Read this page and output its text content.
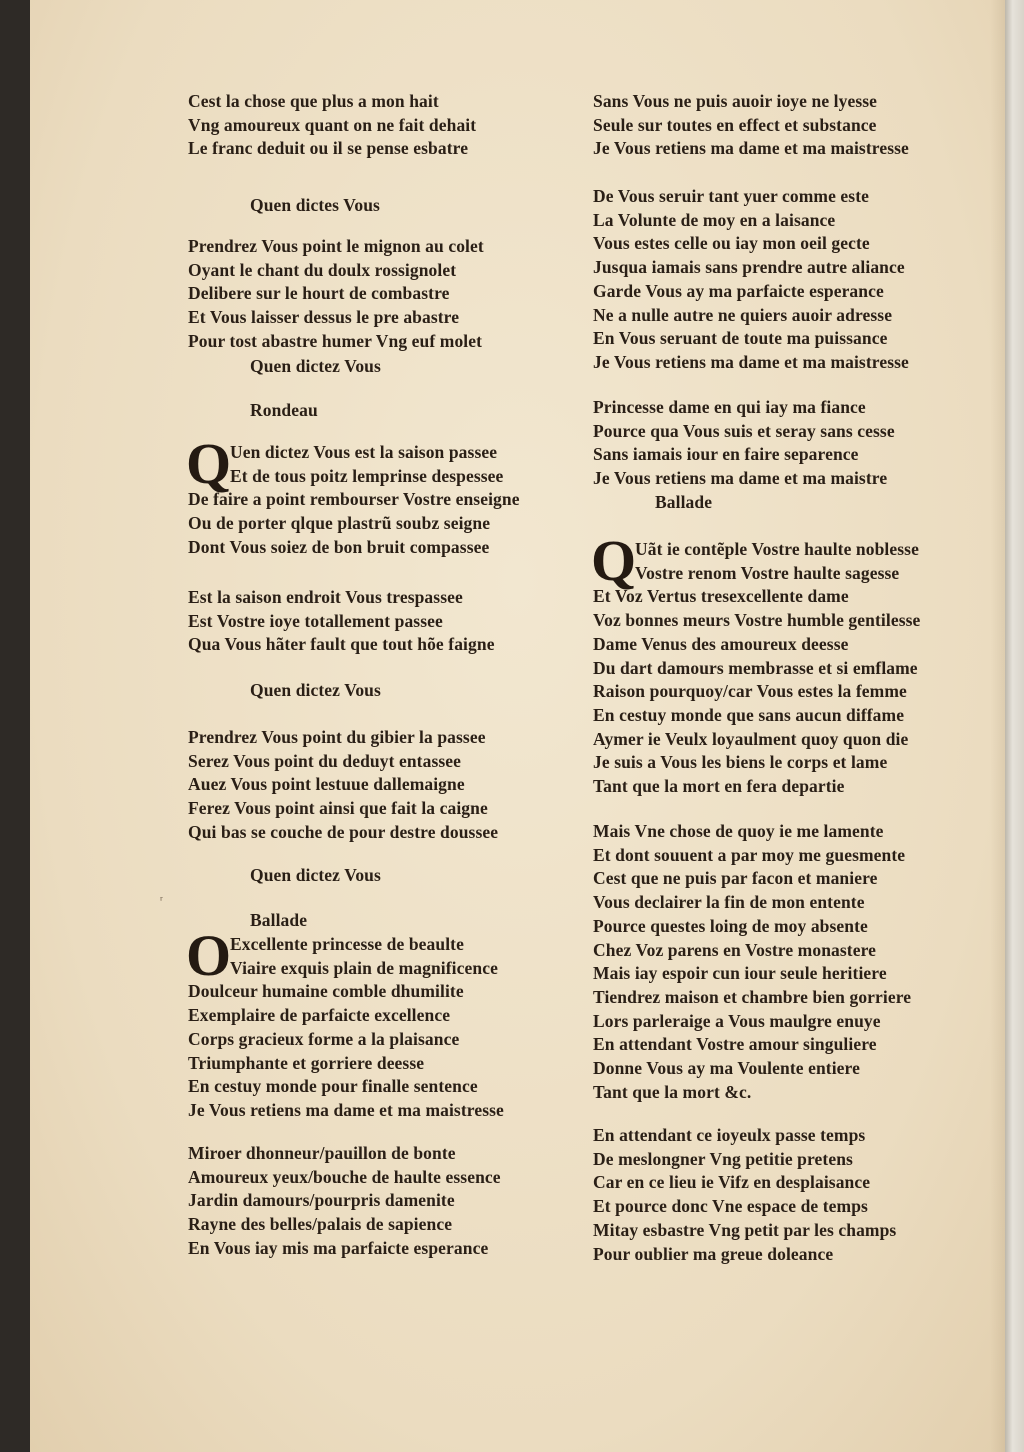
Cest la chose que plus a mon hait
Vng amoureux quant on ne fait dehait
Le franc deduit ou il se pense esbatre
Quen dictes Vous
Prendrez Vous point le mignon au colet
Oyant le chant du doulx rossignolet
Delibere sur le hourt de combastre
Et Vous laisser dessus le pre abastre
Pour tost abastre humer Vng euf molet
Quen dictez Vous
Rondeau
Q
Uen dictez Vous est la saison passee
Et de tous poitz lemprinse despessee
De faire a point rembourser Vostre enseigne
Ou de porter qlque plastrũ soubz seigne
Dont Vous soiez de bon bruit compassee
Est la saison endroit Vous trespassee
Est Vostre ioye totallement passee
Qua Vous hãter fault que tout hõe faigne
Quen dictez Vous
Prendrez Vous point du gibier la passee
Serez Vous point du deduyt entassee
Auez Vous point lestuue dallemaigne
Ferez Vous point ainsi que fait la caigne
Qui bas se couche de pour destre doussee
Quen dictez Vous
Ballade
O
Excellente princesse de beaulte
Viaire exquis plain de magnificence
Doulceur humaine comble dhumilite
Exemplaire de parfaicte excellence
Corps gracieux forme a la plaisance
Triumphante et gorriere deesse
En cestuy monde pour finalle sentence
Je Vous retiens ma dame et ma maistresse
Miroer dhonneur/pauillon de bonte
Amoureux yeux/bouche de haulte essence
Jardin damours/pourpris damenite
Rayne des belles/palais de sapience
En Vous iay mis ma parfaicte esperance
Sans Vous ne puis auoir ioye ne lyesse
Seule sur toutes en effect et substance
Je Vous retiens ma dame et ma maistresse
De Vous seruir tant yuer comme este
La Volunte de moy en a laisance
Vous estes celle ou iay mon oeil gecte
Jusqua iamais sans prendre autre aliance
Garde Vous ay ma parfaicte esperance
Ne a nulle autre ne quiers auoir adresse
En Vous seruant de toute ma puissance
Je Vous retiens ma dame et ma maistresse
Princesse dame en qui iay ma fiance
Pource qua Vous suis et seray sans cesse
Sans iamais iour en faire separence
Je Vous retiens ma dame et ma maistre
Ballade
Q
Uãt ie contẽple Vostre haulte noblesse
Vostre renom Vostre haulte sagesse
Et Voz Vertus tresexcellente dame
Voz bonnes meurs Vostre humble gentilesse
Dame Venus des amoureux deesse
Du dart damours membrasse et si emflame
Raison pourquoy/car Vous estes la femme
En cestuy monde que sans aucun diffame
Aymer ie Veulx loyaulment quoy quon die
Je suis a Vous les biens le corps et lame
Tant que la mort en fera departie
Mais Vne chose de quoy ie me lamente
Et dont souuent a par moy me guesmente
Cest que ne puis par facon et maniere
Vous declairer la fin de mon entente
Pource questes loing de moy absente
Chez Voz parens en Vostre monastere
Mais iay espoir cun iour seule heritiere
Tiendrez maison et chambre bien gorriere
Lors parleraige a Vous maulgre enuye
En attendant Vostre amour singuliere
Donne Vous ay ma Voulente entiere
Tant que la mort &c.
En attendant ce ioyeulx passe temps
De meslongner Vng petitie pretens
Car en ce lieu ie Vifz en desplaisance
Et pource donc Vne espace de temps
Mitay esbastre Vng petit par les champs
Pour oublier ma greue doleance
ʳ
